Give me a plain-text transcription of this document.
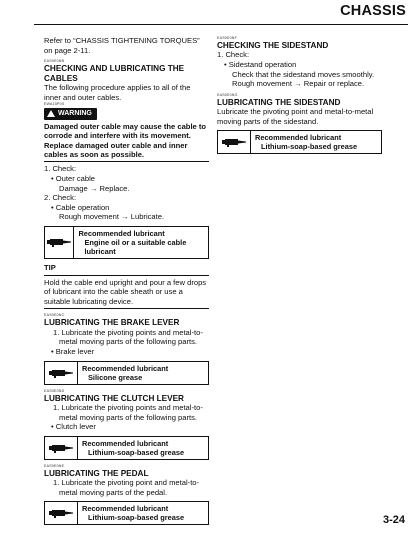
CHASSIS

Refer to “CHASSIS TIGHTENING TORQUES” on page 2-11.

EAS0E0NB
CHECKING AND LUBRICATING THE CABLES

The following procedure applies to all of the inner and outer cables.

EWA15P0S
WARNING
Damaged outer cable may cause the cable to corrode and interfere with its movement. Replace damaged outer cable and inner cables as soon as possible.
1. Check:
• Outer cable
Damage → Replace.
2. Check:
• Cable operation
Rough movement → Lubricate.
Recommended lubricant
Engine oil or a suitable cable lubricant
TIP

Hold the cable end upright and pour a few drops of lubricant into the cable sheath or use a suitable lubricating device.

EAS0E0NC
LUBRICATING THE BRAKE LEVER
1. Lubricate the pivoting points and metal-to-metal moving parts of the following parts.
• Brake lever
Recommended lubricant
Silicone grease
EAS0E0ND
LUBRICATING THE CLUTCH LEVER
1. Lubricate the pivoting points and metal-to-metal moving parts of the following parts.
• Clutch lever
Recommended lubricant
Lithium-soap-based grease
EAS0E0NE
LUBRICATING THE PEDAL
1. Lubricate the pivoting point and metal-to-metal moving parts of the pedal.
Recommended lubricant
Lithium-soap-based grease
EAS0E0NF
CHECKING THE SIDESTAND
1. Check:
• Sidestand operation
Check that the sidestand moves smoothly.
Rough movement → Repair or replace.
EAS0E0NG
LUBRICATING THE SIDESTAND

Lubricate the pivoting point and metal-to-metal moving parts of the sidestand.

Recommended lubricant
Lithium-soap-based grease
3-24
